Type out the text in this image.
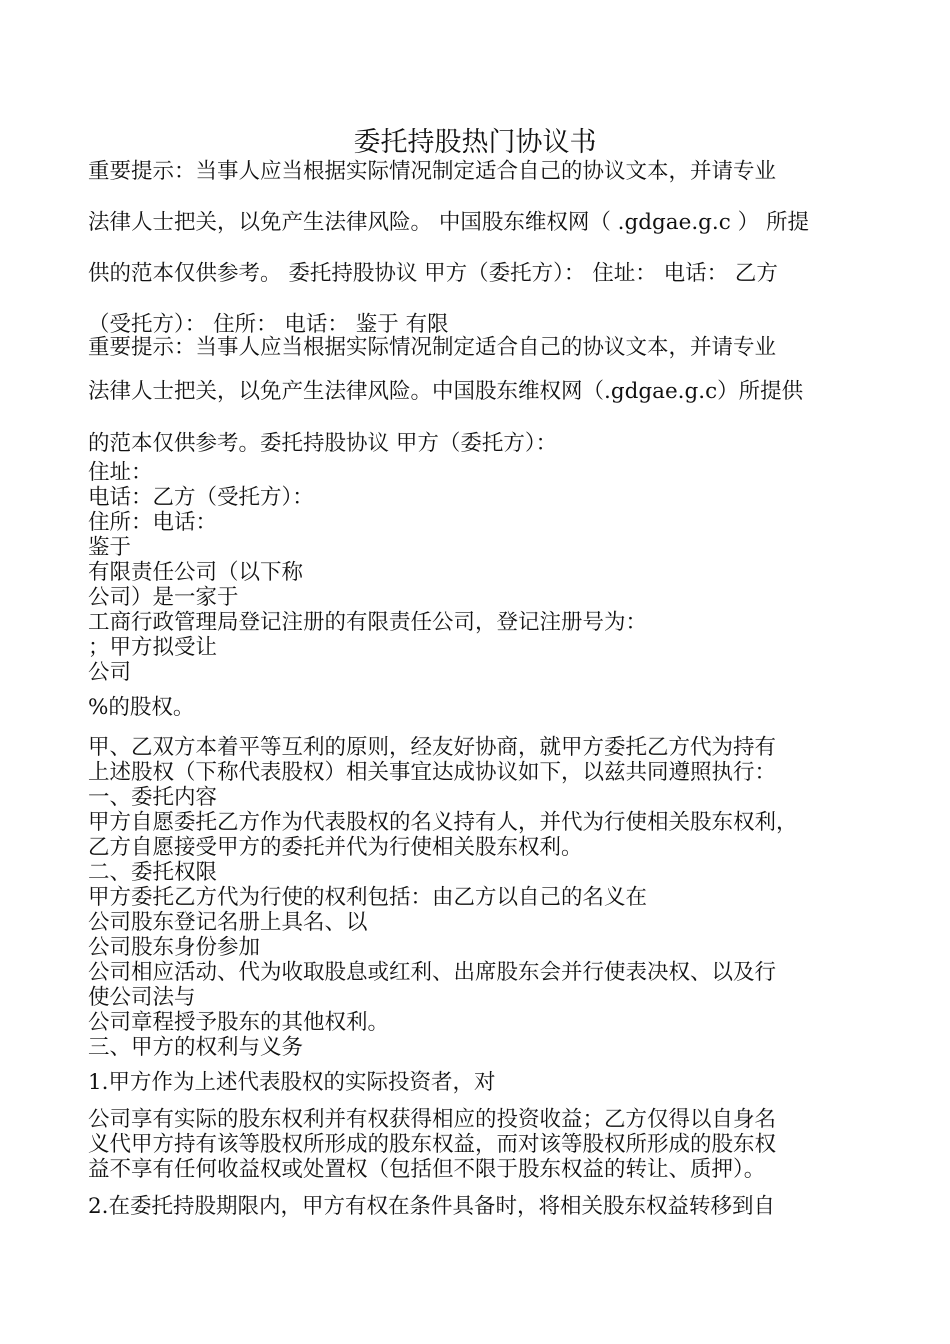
委托持股热门协议书
重要提示：当事人应当根据实际情况制定适合自己的协议文本，并请专业
法律人士把关，以免产生法律风险。 中国股东维权网（ .gdgae.g.c ） 所提
供的范本仅供参考。 委托持股协议 甲方（委托方）： 住址： 电话： 乙方
（受托方）： 住所： 电话： 鉴于 有限
重要提示：当事人应当根据实际情况制定适合自己的协议文本，并请专业
法律人士把关，以免产生法律风险。中国股东维权网（.gdgae.g.c）所提供
的范本仅供参考。委托持股协议 甲方（委托方）：
住址：
电话：乙方（受托方）：
住所：电话：
鉴于
有限责任公司（以下称
公司）是一家于
工商行政管理局登记注册的有限责任公司，登记注册号为：
；甲方拟受让
公司
%的股权。
甲、乙双方本着平等互利的原则，经友好协商，就甲方委托乙方代为持有
上述股权（下称代表股权）相关事宜达成协议如下，以兹共同遵照执行：
一、委托内容
甲方自愿委托乙方作为代表股权的名义持有人，并代为行使相关股东权利，
乙方自愿接受甲方的委托并代为行使相关股东权利。
二、委托权限
甲方委托乙方代为行使的权利包括：由乙方以自己的名义在
公司股东登记名册上具名、以
公司股东身份参加
公司相应活动、代为收取股息或红利、出席股东会并行使表决权、以及行
使公司法与
公司章程授予股东的其他权利。
三、甲方的权利与义务
1.甲方作为上述代表股权的实际投资者，对
公司享有实际的股东权利并有权获得相应的投资收益；乙方仅得以自身名
义代甲方持有该等股权所形成的股东权益，而对该等股权所形成的股东权
益不享有任何收益权或处置权（包括但不限于股东权益的转让、质押）。
2.在委托持股期限内，甲方有权在条件具备时，将相关股东权益转移到自
